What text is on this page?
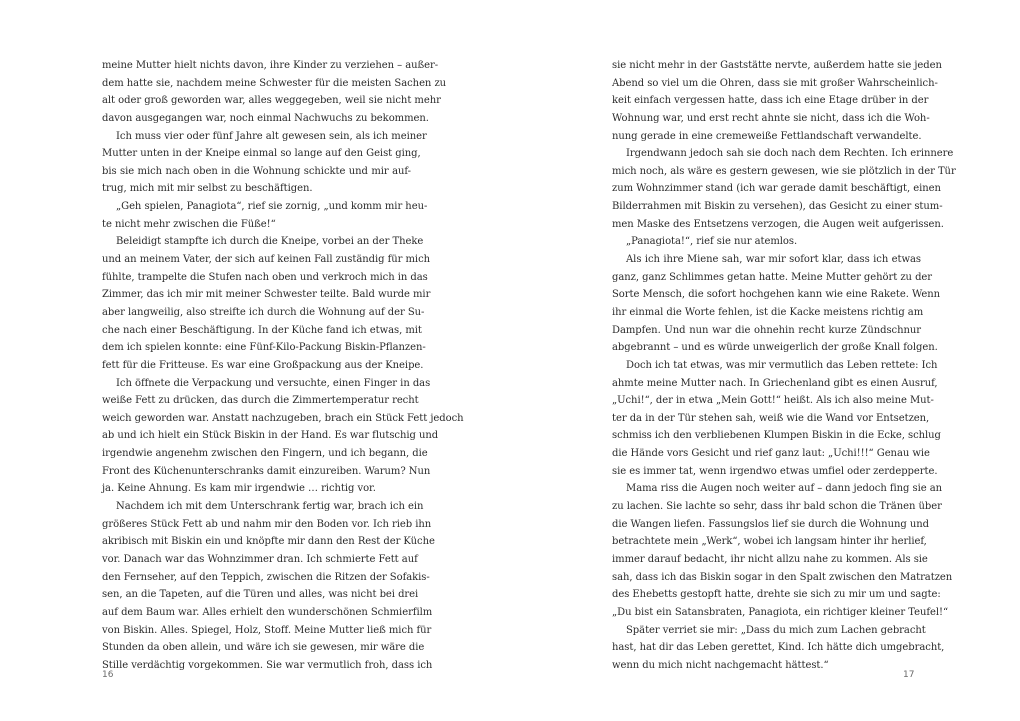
meine Mutter hielt nichts davon, ihre Kinder zu verziehen – außer-
dem hatte sie, nachdem meine Schwester für die meisten Sachen zu
alt oder groß geworden war, alles weggegeben, weil sie nicht mehr
davon ausgegangen war, noch einmal Nachwuchs zu bekommen.
Ich muss vier oder fünf Jahre alt gewesen sein, als ich meiner
Mutter unten in der Kneipe einmal so lange auf den Geist ging,
bis sie mich nach oben in die Wohnung schickte und mir auf-
trug, mich mit mir selbst zu beschäftigen.
„Geh spielen, Panagiota“, rief sie zornig, „und komm mir heu-
te nicht mehr zwischen die Füße!“
Beleidigt stampfte ich durch die Kneipe, vorbei an der Theke
und an meinem Vater, der sich auf keinen Fall zuständig für mich
fühlte, trampelte die Stufen nach oben und verkroch mich in das
Zimmer, das ich mir mit meiner Schwester teilte. Bald wurde mir
aber langweilig, also streifte ich durch die Wohnung auf der Su-
che nach einer Beschäftigung. In der Küche fand ich etwas, mit
dem ich spielen konnte: eine Fünf-Kilo-Packung Biskin-Pflanzen-
fett für die Fritteuse. Es war eine Großpackung aus der Kneipe.
Ich öffnete die Verpackung und versuchte, einen Finger in das
weiße Fett zu drücken, das durch die Zimmertemperatur recht
weich geworden war. Anstatt nachzugeben, brach ein Stück Fett jedoch
ab und ich hielt ein Stück Biskin in der Hand. Es war flutschig und
irgendwie angenehm zwischen den Fingern, und ich begann, die
Front des Küchenunterschranks damit einzureiben. Warum? Nun
ja. Keine Ahnung. Es kam mir irgendwie … richtig vor.
Nachdem ich mit dem Unterschrank fertig war, brach ich ein
größeres Stück Fett ab und nahm mir den Boden vor. Ich rieb ihn
akribisch mit Biskin ein und knöpfte mir dann den Rest der Küche
vor. Danach war das Wohnzimmer dran. Ich schmierte Fett auf
den Fernseher, auf den Teppich, zwischen die Ritzen der Sofakis-
sen, an die Tapeten, auf die Türen und alles, was nicht bei drei
auf dem Baum war. Alles erhielt den wunderschönen Schmierfilm
von Biskin. Alles. Spiegel, Holz, Stoff. Meine Mutter ließ mich für
Stunden da oben allein, und wäre ich sie gewesen, mir wäre die
Stille verdächtig vorgekommen. Sie war vermutlich froh, dass ich
16
sie nicht mehr in der Gaststätte nervte, außerdem hatte sie jeden
Abend so viel um die Ohren, dass sie mit großer Wahrscheinlich-
keit einfach vergessen hatte, dass ich eine Etage drüber in der
Wohnung war, und erst recht ahnte sie nicht, dass ich die Woh-
nung gerade in eine cremeweiße Fettlandschaft verwandelte.
Irgendwann jedoch sah sie doch nach dem Rechten. Ich erinnere
mich noch, als wäre es gestern gewesen, wie sie plötzlich in der Tür
zum Wohnzimmer stand (ich war gerade damit beschäftigt, einen
Bilderrahmen mit Biskin zu versehen), das Gesicht zu einer stum-
men Maske des Entsetzens verzogen, die Augen weit aufgerissen.
„Panagiota!“, rief sie nur atemlos.
Als ich ihre Miene sah, war mir sofort klar, dass ich etwas
ganz, ganz Schlimmes getan hatte. Meine Mutter gehört zu der
Sorte Mensch, die sofort hochgehen kann wie eine Rakete. Wenn
ihr einmal die Worte fehlen, ist die Kacke meistens richtig am
Dampfen. Und nun war die ohnehin recht kurze Zündschnur
abgebrannt – und es würde unweigerlich der große Knall folgen.
Doch ich tat etwas, was mir vermutlich das Leben rettete: Ich
ahmte meine Mutter nach. In Griechenland gibt es einen Ausruf,
„Uchi!“, der in etwa „Mein Gott!“ heißt. Als ich also meine Mut-
ter da in der Tür stehen sah, weiß wie die Wand vor Entsetzen,
schmiss ich den verbliebenen Klumpen Biskin in die Ecke, schlug
die Hände vors Gesicht und rief ganz laut: „Uchi!!!“ Genau wie
sie es immer tat, wenn irgendwo etwas umfiel oder zerdepperte.
Mama riss die Augen noch weiter auf – dann jedoch fing sie an
zu lachen. Sie lachte so sehr, dass ihr bald schon die Tränen über
die Wangen liefen. Fassungslos lief sie durch die Wohnung und
betrachtete mein „Werk“, wobei ich langsam hinter ihr herlief,
immer darauf bedacht, ihr nicht allzu nahe zu kommen. Als sie
sah, dass ich das Biskin sogar in den Spalt zwischen den Matratzen
des Ehebetts gestopft hatte, drehte sie sich zu mir um und sagte:
„Du bist ein Satansbraten, Panagiota, ein richtiger kleiner Teufel!“
Später verriet sie mir: „Dass du mich zum Lachen gebracht
hast, hat dir das Leben gerettet, Kind. Ich hätte dich umgebracht,
wenn du mich nicht nachgemacht hättest.“
17
